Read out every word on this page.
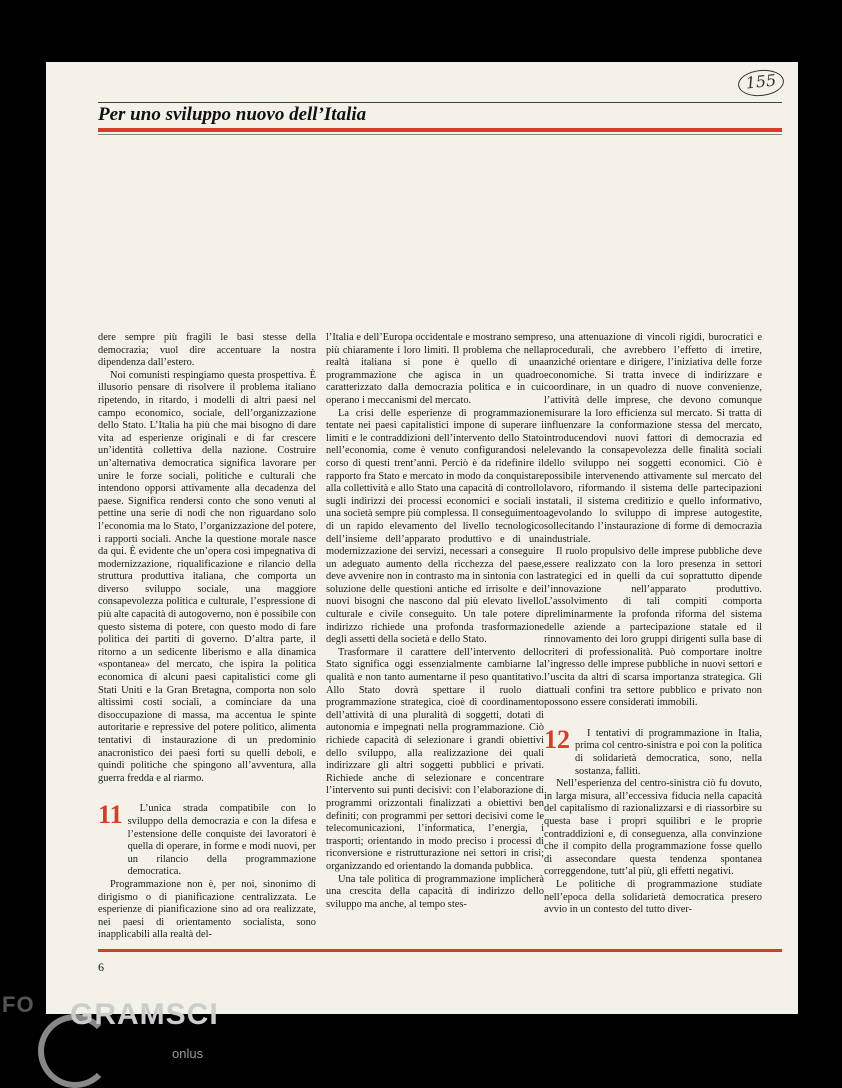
155
Per uno sviluppo nuovo dell’Italia

dere sempre più fragili le basi stesse della democrazia; vuol dire accentuare la nostra dipendenza dall’estero.

Noi comunisti respingiamo questa prospettiva. È illusorio pensare di risolvere il problema italiano ripetendo, in ritardo, i modelli di altri paesi nel campo economico, sociale, dell’organizzazione dello Stato. L’Italia ha più che mai bisogno di dare vita ad esperienze originali e di far crescere un’identità collettiva della nazione. Costruire un’alternativa democratica significa lavorare per unire le forze sociali, politiche e culturali che intendono opporsi attivamente alla decadenza del paese. Significa rendersi conto che sono venuti al pettine una serie di nodi che non riguardano solo l’economia ma lo Stato, l’organizzazione del potere, i rapporti sociali. Anche la questione morale nasce da qui. È evidente che un’opera così impegnativa di modernizzazione, riqualificazione e rilancio della struttura produttiva italiana, che comporta un diverso sviluppo sociale, una maggiore consapevolezza politica e culturale, l’espressione di più alte capacità di autogoverno, non è possibile con questo sistema di potere, con questo modo di fare politica dei partiti di governo. D’altra parte, il ritorno a un sedicente liberismo e alla dinamica «spontanea» del mercato, che ispira la politica economica di alcuni paesi capitalistici come gli Stati Uniti e la Gran Bretagna, comporta non solo altissimi costi sociali, a cominciare da una disoccupazione di massa, ma accentua le spinte autoritarie e repressive del potere politico, alimenta tentativi di instaurazione di un predominio anacronistico dei paesi forti su quelli deboli, e quindi politiche che spingono all’avventura, alla guerra fredda e al riarmo.

11	L’unica strada compatibile con lo sviluppo della democrazia e con la difesa e l’estensione delle conquiste dei lavoratori è quella di operare, in forme e modi nuovi, per un rilancio della programmazione democratica.

Programmazione non è, per noi, sinonimo di dirigismo o di pianificazione centralizzata. Le esperienze di pianificazione sino ad ora realizzate, nei paesi di orientamento socialista, sono inapplicabili alla realtà del-

l’Italia e dell’Europa occidentale e mostrano sempre più chiaramente i loro limiti. Il problema che nella realtà italiana si pone è quello di una programmazione che agisca in un quadro caratterizzato dalla democrazia politica e in cui operano i meccanismi del mercato.

La crisi delle esperienze di programmazione tentate nei paesi capitalistici impone di superare i limiti e le contraddizioni dell’intervento dello Stato nell’economia, come è venuto configurandosi nel corso di questi trent’anni. Perciò è da ridefinire il rapporto fra Stato e mercato in modo da conquistare alla collettività e allo Stato una capacità di controllo sugli indirizzi dei processi economici e sociali in una società sempre più complessa. Il conseguimento di un rapido elevamento del livello tecnologico dell’insieme dell’apparato produttivo e di una modernizzazione dei servizi, necessari a conseguire un adeguato aumento della ricchezza del paese, deve avvenire non in contrasto ma in sintonia con la soluzione delle questioni antiche ed irrisolte e dei nuovi bisogni che nascono dal più elevato livello culturale e civile conseguito. Un tale potere di indirizzo richiede una profonda trasformazione degli assetti della società e dello Stato.

Trasformare il carattere dell’intervento dello Stato significa oggi essenzialmente cambiarne la qualità e non tanto aumentarne il peso quantitativo. Allo Stato dovrà spettare il ruolo di programmazione strategica, cioè di coordinamento dell’attività di una pluralità di soggetti, dotati di autonomia e impegnati nella programmazione. Ciò richiede capacità di selezionare i grandi obiettivi dello sviluppo, alla realizzazione dei quali indirizzare gli altri soggetti pubblici e privati. Richiede anche di selezionare e concentrare l’intervento sui punti decisivi: con l’elaborazione di programmi orizzontali finalizzati a obiettivi ben definiti; con programmi per settori decisivi come le telecomunicazioni, l’informatica, l’energia, i trasporti; orientando in modo preciso i processi di riconversione e ristrutturazione nei settori in crisi; organizzando ed orientando la domanda pubblica.

Una tale politica di programmazione implicherà una crescita della capacità di indirizzo dello sviluppo ma anche, al tempo stes-

so, una attenuazione di vincoli rigidi, burocratici e procedurali, che avrebbero l’effetto di irretire, anziché orientare e dirigere, l’iniziativa delle forze economiche. Si tratta invece di indirizzare e coordinare, in un quadro di nuove convenienze, l’attività delle imprese, che devono comunque misurare la loro efficienza sul mercato. Si tratta di influenzare la conformazione stessa del mercato, introducendovi nuovi fattori di democrazia ed elevando la consapevolezza delle finalità sociali dello sviluppo nei soggetti economici. Ciò è possibile intervenendo attivamente sul mercato del lavoro, riformando il sistema delle partecipazioni statali, il sistema creditizio e quello informativo, agevolando lo sviluppo di imprese autogestite, sollecitando l’instaurazione di forme di democrazia industriale.

Il ruolo propulsivo delle imprese pubbliche deve essere realizzato con la loro presenza in settori strategici ed in quelli da cui soprattutto dipende l’innovazione nell’apparato produttivo. L’assolvimento di tali compiti comporta preliminarmente la profonda riforma del sistema delle aziende a partecipazione statale ed il rinnovamento dei loro gruppi dirigenti sulla base di criteri di professionalità. Può comportare inoltre l’ingresso delle imprese pubbliche in nuovi settori e l’uscita da altri di scarsa importanza strategica. Gli attuali confini tra settore pubblico e privato non possono essere considerati immobili.

12	I tentativi di programmazione in Italia, prima col centro-sinistra e poi con la politica di solidarietà democratica, sono, nella sostanza, falliti.

Nell’esperienza del centro-sinistra ciò fu dovuto, in larga misura, all’eccessiva fiducia nella capacità del capitalismo di razionalizzarsi e di riassorbire su questa base i propri squilibri e le proprie contraddizioni e, di conseguenza, alla convinzione che il compito della programmazione fosse quello di assecondare questa tendenza spontanea correggendone, tutt’al più, gli effetti negativi.

Le politiche di programmazione studiate nell’epoca della solidarietà democratica presero avvio in un contesto del tutto diver-

6
FO GRAMSCI
onlus
